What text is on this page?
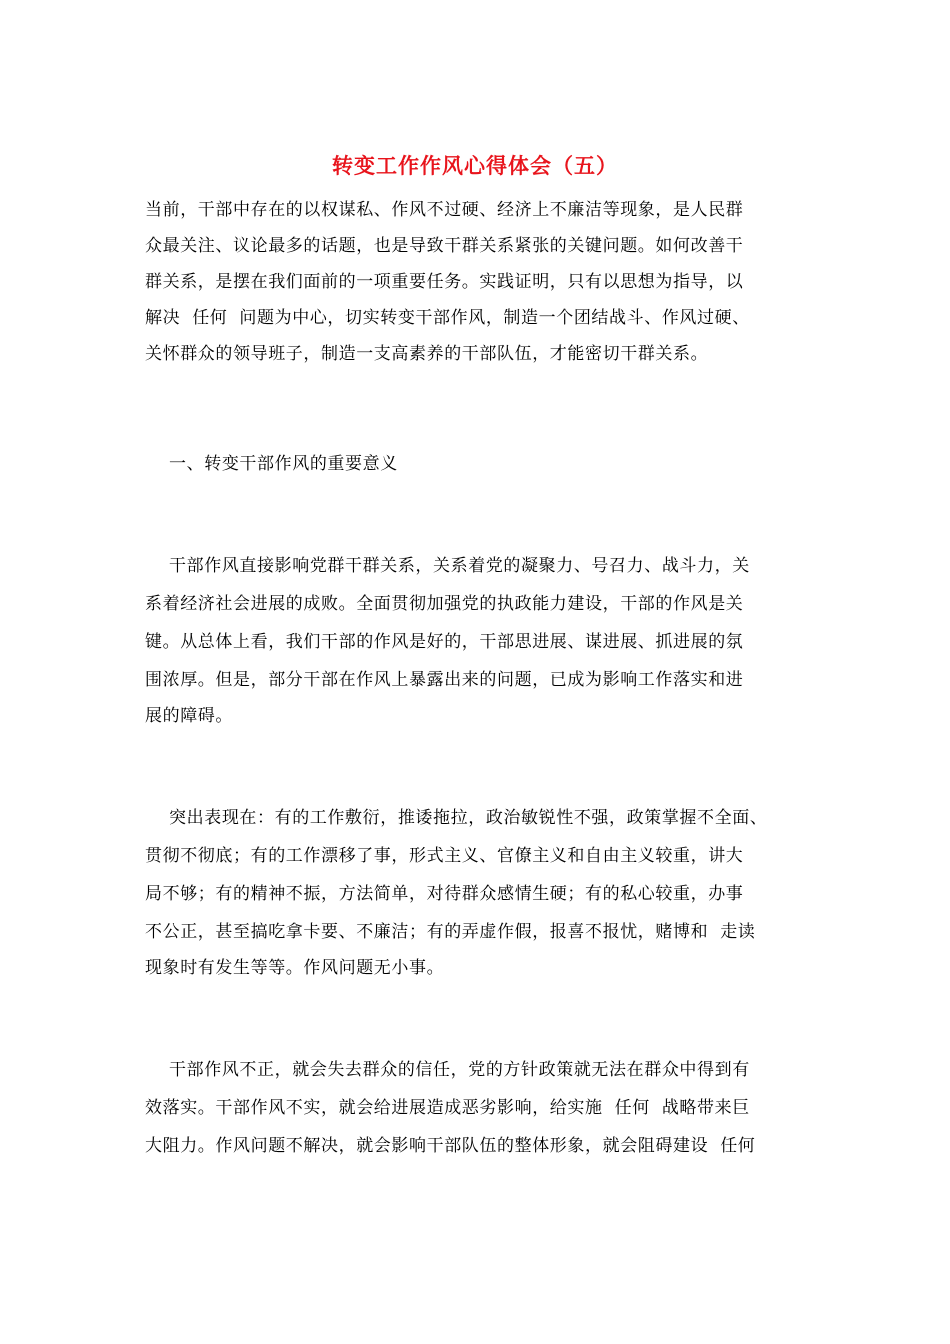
转变工作作风心得体会（五）
当前，干部中存在的以权谋私、作风不过硬、经济上不廉洁等现象，是人民群
众最关注、议论最多的话题，也是导致干群关系紧张的关键问题。如何改善干
群关系，是摆在我们面前的一项重要任务。实践证明，只有以思想为指导，以
解决  任何  问题为中心，切实转变干部作风，制造一个团结战斗、作风过硬、
关怀群众的领导班子，制造一支高素养的干部队伍，才能密切干群关系。
一、转变干部作风的重要意义
干部作风直接影响党群干群关系，关系着党的凝聚力、号召力、战斗力，关
系着经济社会进展的成败。全面贯彻加强党的执政能力建设，干部的作风是关
键。从总体上看，我们干部的作风是好的，干部思进展、谋进展、抓进展的氛
围浓厚。但是，部分干部在作风上暴露出来的问题，已成为影响工作落实和进
展的障碍。
突出表现在：有的工作敷衍，推诿拖拉，政治敏锐性不强，政策掌握不全面、
贯彻不彻底；有的工作漂移了事，形式主义、官僚主义和自由主义较重，讲大
局不够；有的精神不振，方法简单，对待群众感情生硬；有的私心较重，办事
不公正，甚至搞吃拿卡要、不廉洁；有的弄虚作假，报喜不报忧，赌博和  走读
现象时有发生等等。作风问题无小事。
干部作风不正，就会失去群众的信任，党的方针政策就无法在群众中得到有
效落实。干部作风不实，就会给进展造成恶劣影响，给实施  任何  战略带来巨
大阻力。作风问题不解决，就会影响干部队伍的整体形象，就会阻碍建设  任何
